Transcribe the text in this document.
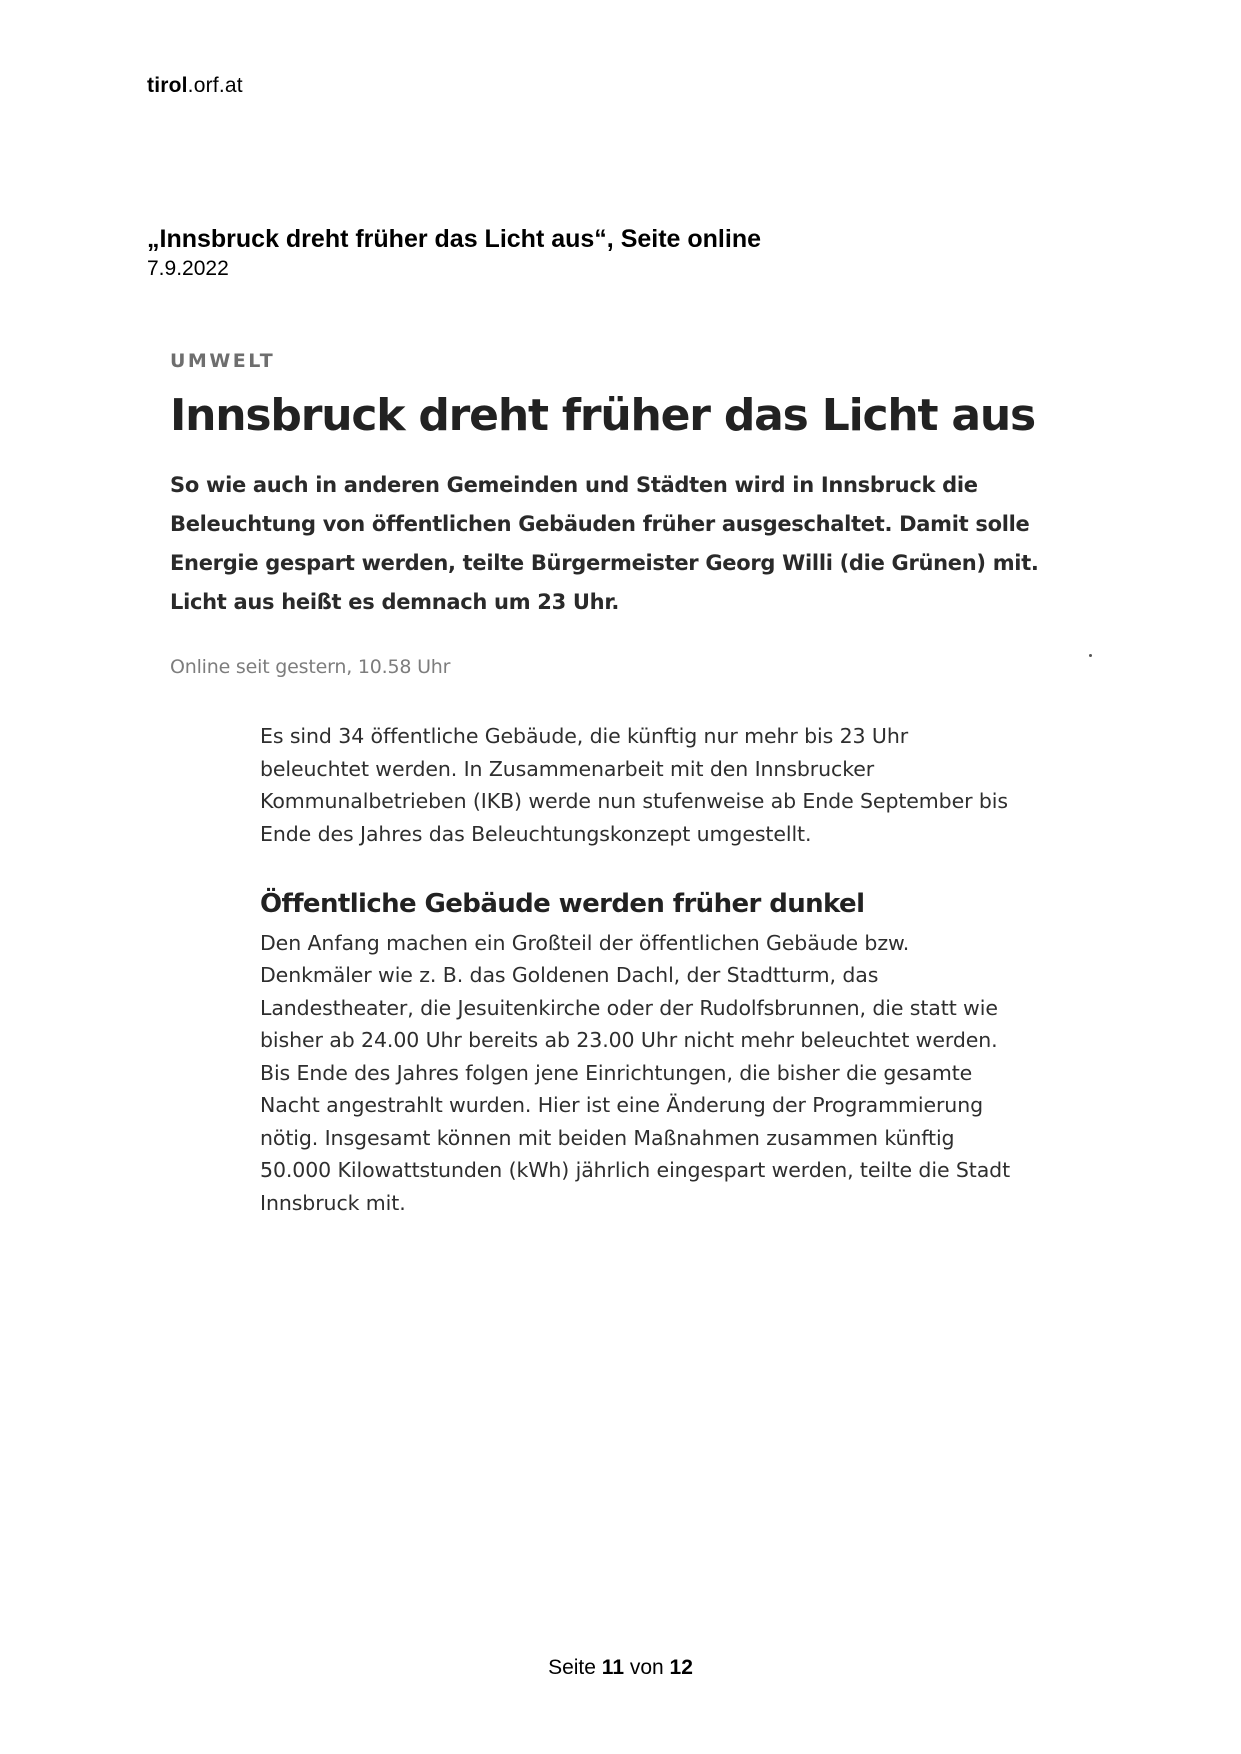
tirol.orf.at
„Innsbruck dreht früher das Licht aus“, Seite online
7.9.2022
UMWELT
Innsbruck dreht früher das Licht aus

So wie auch in anderen Gemeinden und Städten wird in Innsbruck die Beleuchtung von öffentlichen Gebäuden früher ausgeschaltet. Damit solle Energie gespart werden, teilte Bürgermeister Georg Willi (die Grünen) mit. Licht aus heißt es demnach um 23 Uhr.

Online seit gestern, 10.58 Uhr

Es sind 34 öffentliche Gebäude, die künftig nur mehr bis 23 Uhr beleuchtet werden. In Zusammenarbeit mit den Innsbrucker Kommunalbetrieben (IKB) werde nun stufenweise ab Ende September bis Ende des Jahres das Beleuchtungskonzept umgestellt.

Öffentliche Gebäude werden früher dunkel

Den Anfang machen ein Großteil der öffentlichen Gebäude bzw. Denkmäler wie z. B. das Goldenen Dachl, der Stadtturm, das Landestheater, die Jesuitenkirche oder der Rudolfsbrunnen, die statt wie bisher ab 24.00 Uhr bereits ab 23.00 Uhr nicht mehr beleuchtet werden. Bis Ende des Jahres folgen jene Einrichtungen, die bisher die gesamte Nacht angestrahlt wurden. Hier ist eine Änderung der Programmierung nötig. Insgesamt können mit beiden Maßnahmen zusammen künftig 50.000 Kilowattstunden (kWh) jährlich eingespart werden, teilte die Stadt Innsbruck mit.

Seite 11 von 12
